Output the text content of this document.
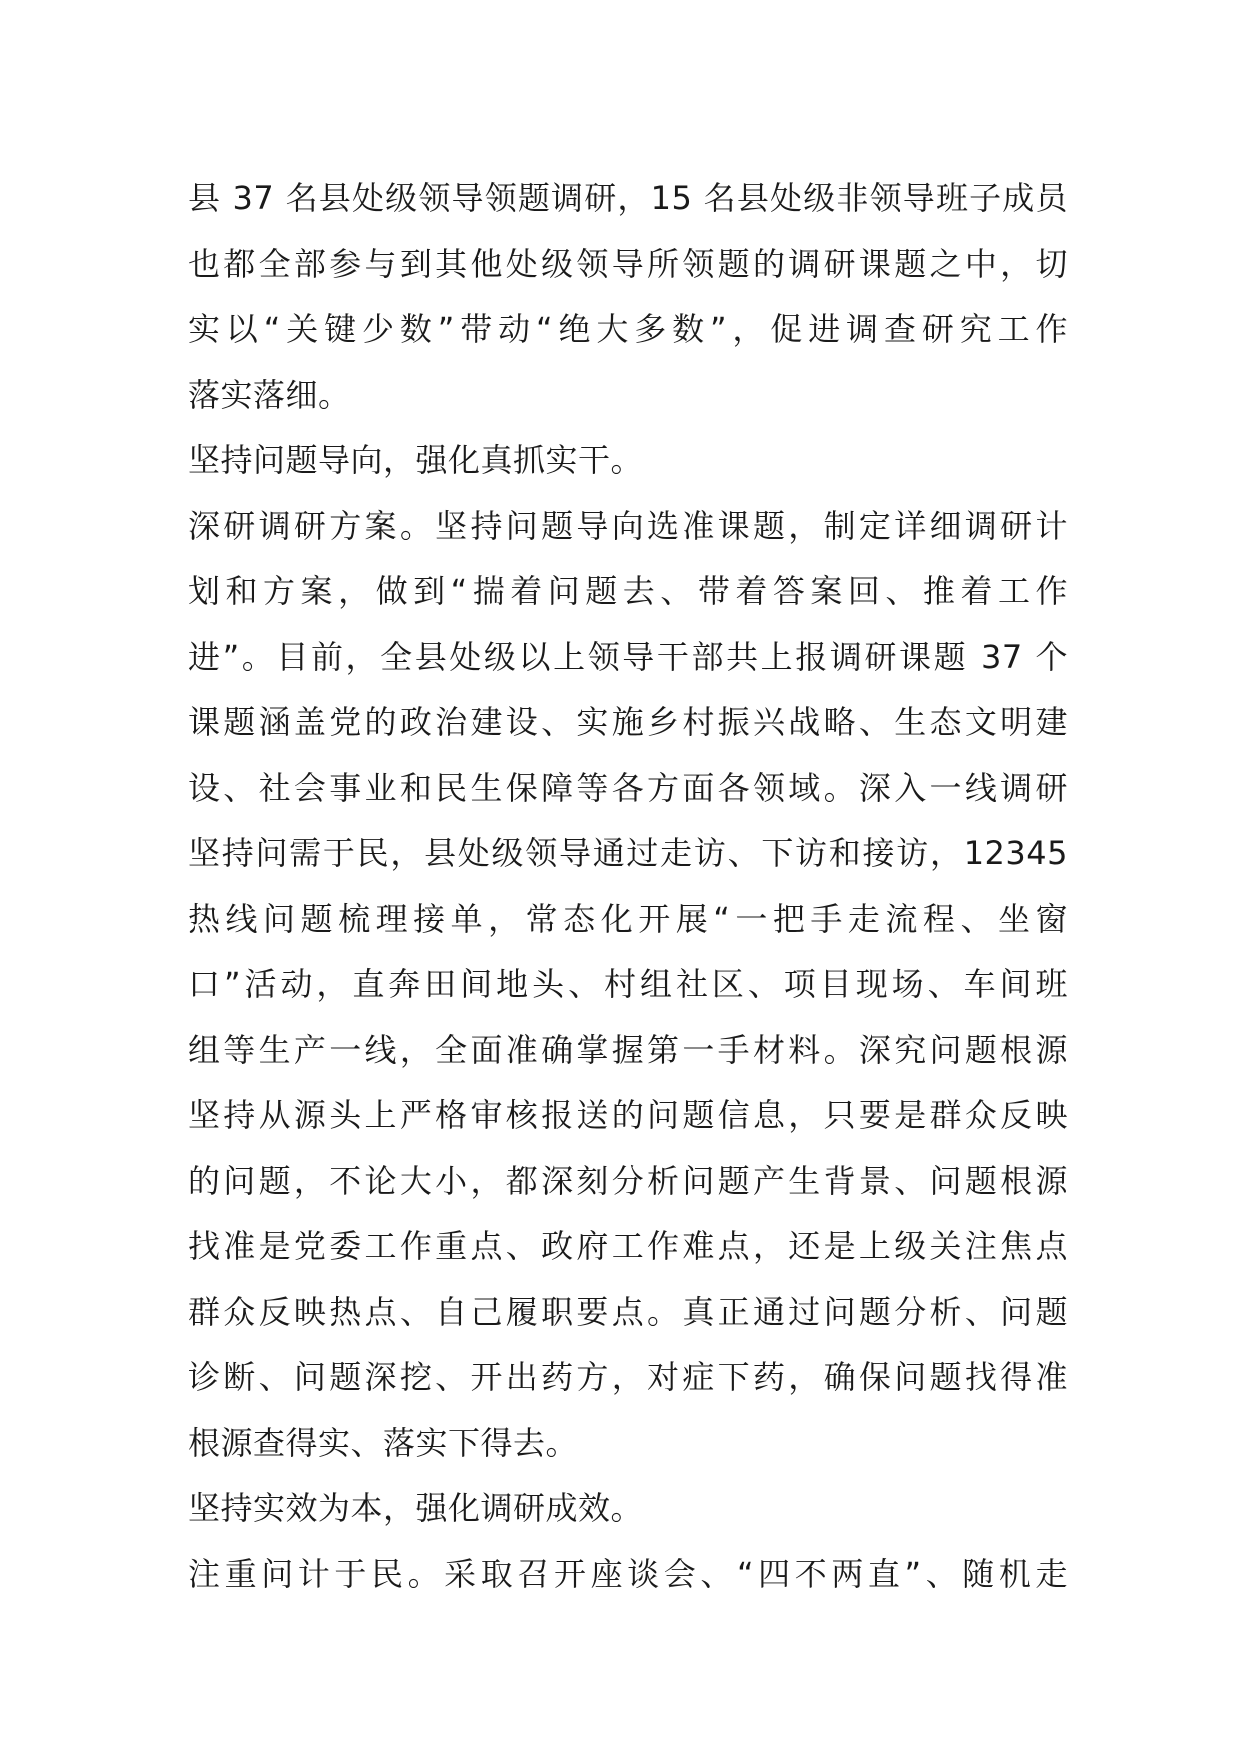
县 37 名县处级领导领题调研，15 名县处级非领导班子成员
也都全部参与到其他处级领导所领题的调研课题之中，切
实以“关键少数”带动“绝大多数”，促进调查研究工作
落实落细。
坚持问题导向，强化真抓实干。
深研调研方案。坚持问题导向选准课题，制定详细调研计
划和方案，做到“揣着问题去、带着答案回、推着工作
进”。目前，全县处级以上领导干部共上报调研课题 37 个
课题涵盖党的政治建设、实施乡村振兴战略、生态文明建
设、社会事业和民生保障等各方面各领域。深入一线调研
坚持问需于民，县处级领导通过走访、下访和接访，12345
热线问题梳理接单，常态化开展“一把手走流程、坐窗
口”活动，直奔田间地头、村组社区、项目现场、车间班
组等生产一线，全面准确掌握第一手材料。深究问题根源
坚持从源头上严格审核报送的问题信息，只要是群众反映
的问题，不论大小，都深刻分析问题产生背景、问题根源
找准是党委工作重点、政府工作难点，还是上级关注焦点
群众反映热点、自己履职要点。真正通过问题分析、问题
诊断、问题深挖、开出药方，对症下药，确保问题找得准
根源查得实、落实下得去。
坚持实效为本，强化调研成效。
注重问计于民。采取召开座谈会、“四不两直”、随机走
